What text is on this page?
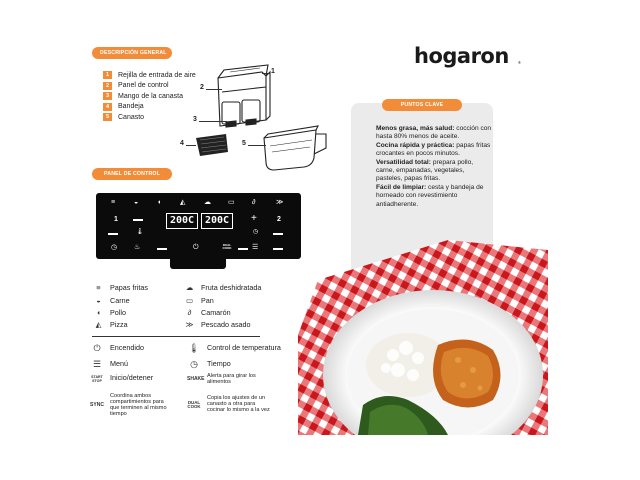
hogaron ®
DESCRIPCIÓN GENERAL
1	Rejilla de entrada de aire
2	Panel de control
3	Mango de la canasta
4	Bandeja
5	Canasto
1
2
3
4	5
PANEL DE CONTROL
≡	◒	◖	◭	☁ ▭ ∂	≫
1	200C	200C	+	2
🌡	◷
◷ ♨	⏻	DUAL COOK	☰
≡	Papas fritas
◒	Carne
◖	Pollo
◭	Pizza
☁ Fruta deshidratada
▭ Pan
∂	Camarón
≫ Pescado asado
⏻	Encendido
☰	Menú
START STOP Inicio/detener
SYNC
Coordina ambos compartimientos para que terminen al mismo tiempo
🌡 Control de temperatura
◷	Tiempo
SHAKE Alerta para girar los alimentos
DUAL COOK
Copia los ajustes de un canasto a otra para cocinar lo mismo a la vez
PUNTOS CLAVE
Menos grasa, más salud: cocción con hasta 80% menos de aceite.
Cocina rápida y práctica: papas fritas crocantes en pocos minutos.
Versatilidad total: prepara pollo, carne, empanadas, vegetales, pasteles, papas fritas.
Fácil de limpiar: cesta y bandeja de horneado con revestimiento antiadherente.
